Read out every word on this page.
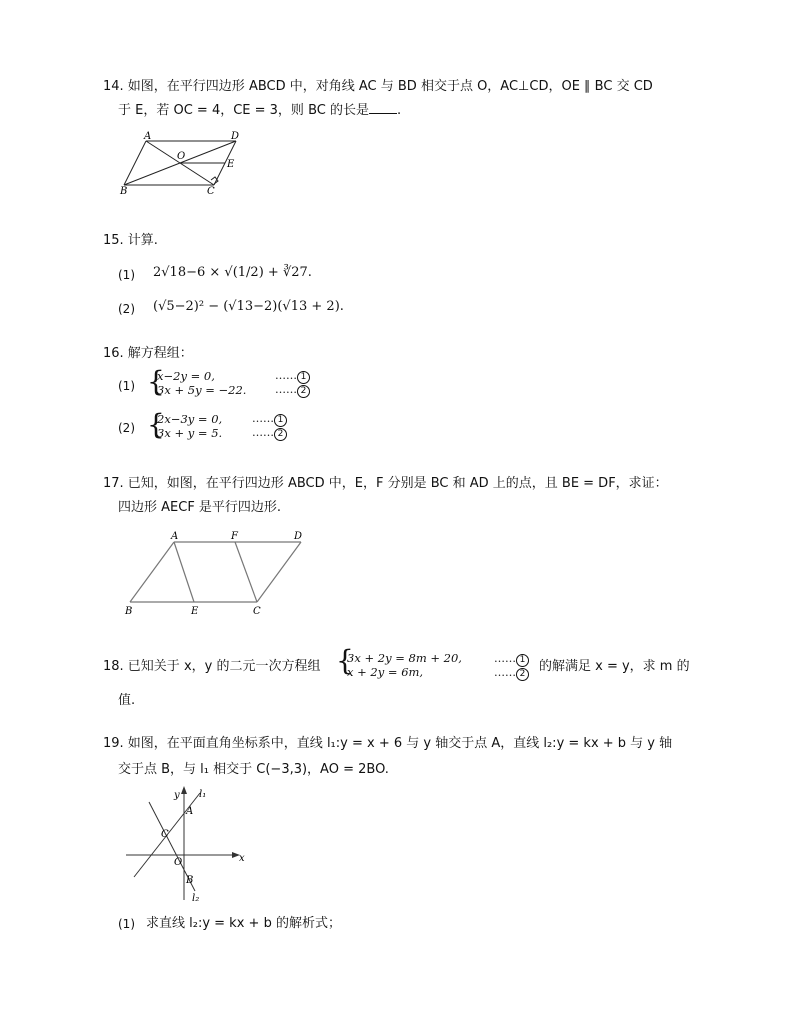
14. 如图，在平行四边形 ABCD 中，对角线 AC 与 BD 相交于点 O，AC⊥CD，OE ∥ BC 交 CD
于 E，若 OC = 4，CE = 3，则 BC 的长是 .
A	D
O
E
B	C
15. 计算.
(1) 2√18−6 × √(1/2) + ∛27.
(2) (√5−2)² − (√13−2)(√13 + 2).
16. 解方程组：
(1) {
x−2y = 0,
3x + 5y = −22.
…… 1
…… 2
(2) {
2x−3y = 0,
3x + y = 5.
…… 1
…… 2
17. 已知，如图，在平行四边形 ABCD 中，E，F 分别是 BC 和 AD 上的点，且 BE = DF，求证：
四边形 AECF 是平行四边形.
A	F	D
B	E	C
18. 已知关于 x，y 的二元一次方程组 {
3x + 2y = 8m + 20,
x + 2y = 6m,
…… 1
…… 2 的解满足 x = y，求 m 的
值.
19. 如图，在平面直角坐标系中，直线 l₁:y = x + 6 与 y 轴交于点 A，直线 l₂:y = kx + b 与 y 轴
交于点 B，与 l₁ 相交于 C(−3,3)，AO = 2BO.
y l₁
A
C
O	x
B
l₂
(1) 求直线 l₂:y = kx + b 的解析式；
